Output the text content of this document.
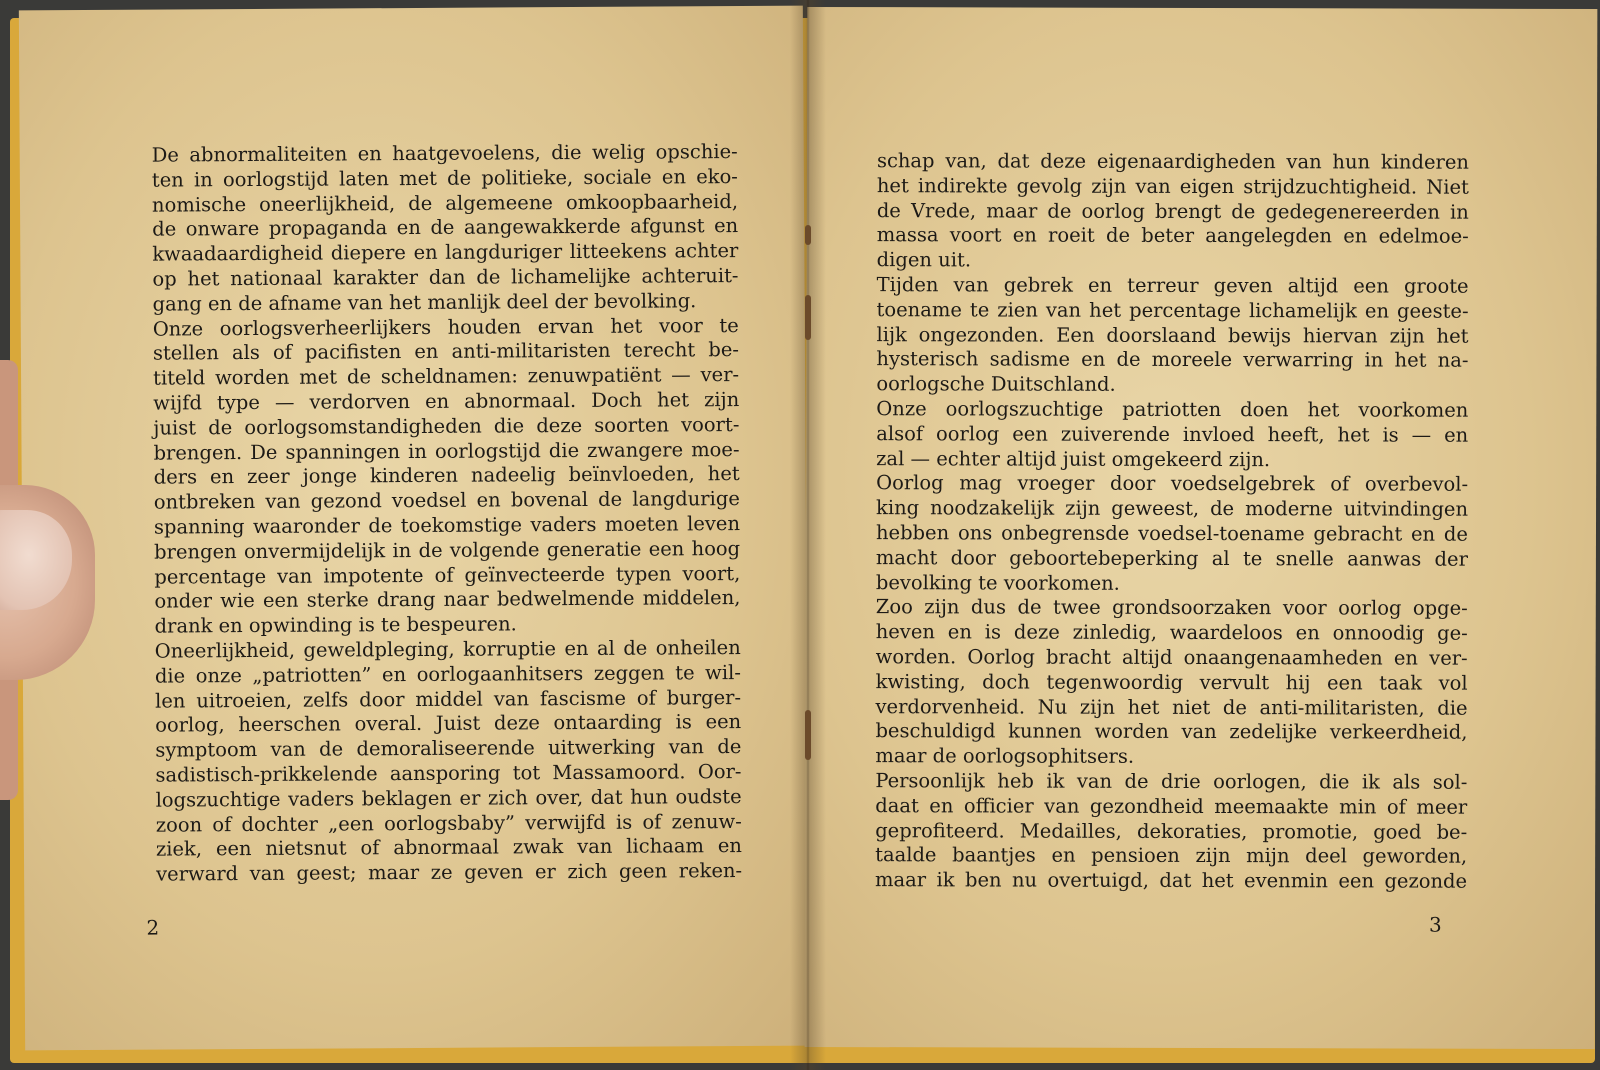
De abnormaliteiten en haatgevoelens, die welig opschie-
ten in oorlogstijd laten met de politieke, sociale en eko-
nomische oneerlijkheid, de algemeene omkoopbaarheid,
de onware propaganda en de aangewakkerde afgunst en
kwaadaardigheid diepere en langduriger litteekens achter
op het nationaal karakter dan de lichamelijke achteruit-
gang en de afname van het manlijk deel der bevolking.
Onze oorlogsverheerlijkers houden ervan het voor te
stellen als of pacifisten en anti-militaristen terecht be-
titeld worden met de scheldnamen: zenuwpatiënt — ver-
wijfd type — verdorven en abnormaal. Doch het zijn
juist de oorlogsomstandigheden die deze soorten voort-
brengen. De spanningen in oorlogstijd die zwangere moe-
ders en zeer jonge kinderen nadeelig beïnvloeden, het
ontbreken van gezond voedsel en bovenal de langdurige
spanning waaronder de toekomstige vaders moeten leven
brengen onvermijdelijk in de volgende generatie een hoog
percentage van impotente of geïnvecteerde typen voort,
onder wie een sterke drang naar bedwelmende middelen,
drank en opwinding is te bespeuren.
Oneerlijkheid, geweldpleging, korruptie en al de onheilen
die onze „patriotten” en oorlogaanhitsers zeggen te wil-
len uitroeien, zelfs door middel van fascisme of burger-
oorlog, heerschen overal. Juist deze ontaarding is een
symptoom van de demoraliseerende uitwerking van de
sadistisch-prikkelende aansporing tot Massamoord. Oor-
logszuchtige vaders beklagen er zich over, dat hun oudste
zoon of dochter „een oorlogsbaby” verwijfd is of zenuw-
ziek, een nietsnut of abnormaal zwak van lichaam en
verward van geest; maar ze geven er zich geen reken-
2
schap van, dat deze eigenaardigheden van hun kinderen
het indirekte gevolg zijn van eigen strijdzuchtigheid. Niet
de Vrede, maar de oorlog brengt de gedegenereerden in
massa voort en roeit de beter aangelegden en edelmoe-
digen uit.
Tijden van gebrek en terreur geven altijd een groote
toename te zien van het percentage lichamelijk en geeste-
lijk ongezonden. Een doorslaand bewijs hiervan zijn het
hysterisch sadisme en de moreele verwarring in het na-
oorlogsche Duitschland.
Onze oorlogszuchtige patriotten doen het voorkomen
alsof oorlog een zuiverende invloed heeft, het is — en
zal — echter altijd juist omgekeerd zijn.
Oorlog mag vroeger door voedselgebrek of overbevol-
king noodzakelijk zijn geweest, de moderne uitvindingen
hebben ons onbegrensde voedsel-toename gebracht en de
macht door geboortebeperking al te snelle aanwas der
bevolking te voorkomen.
Zoo zijn dus de twee grondsoorzaken voor oorlog opge-
heven en is deze zinledig, waardeloos en onnoodig ge-
worden. Oorlog bracht altijd onaangenaamheden en ver-
kwisting, doch tegenwoordig vervult hij een taak vol
verdorvenheid. Nu zijn het niet de anti-militaristen, die
beschuldigd kunnen worden van zedelijke verkeerdheid,
maar de oorlogsophitsers.
Persoonlijk heb ik van de drie oorlogen, die ik als sol-
daat en officier van gezondheid meemaakte min of meer
geprofiteerd. Medailles, dekoraties, promotie, goed be-
taalde baantjes en pensioen zijn mijn deel geworden,
maar ik ben nu overtuigd, dat het evenmin een gezonde
3
